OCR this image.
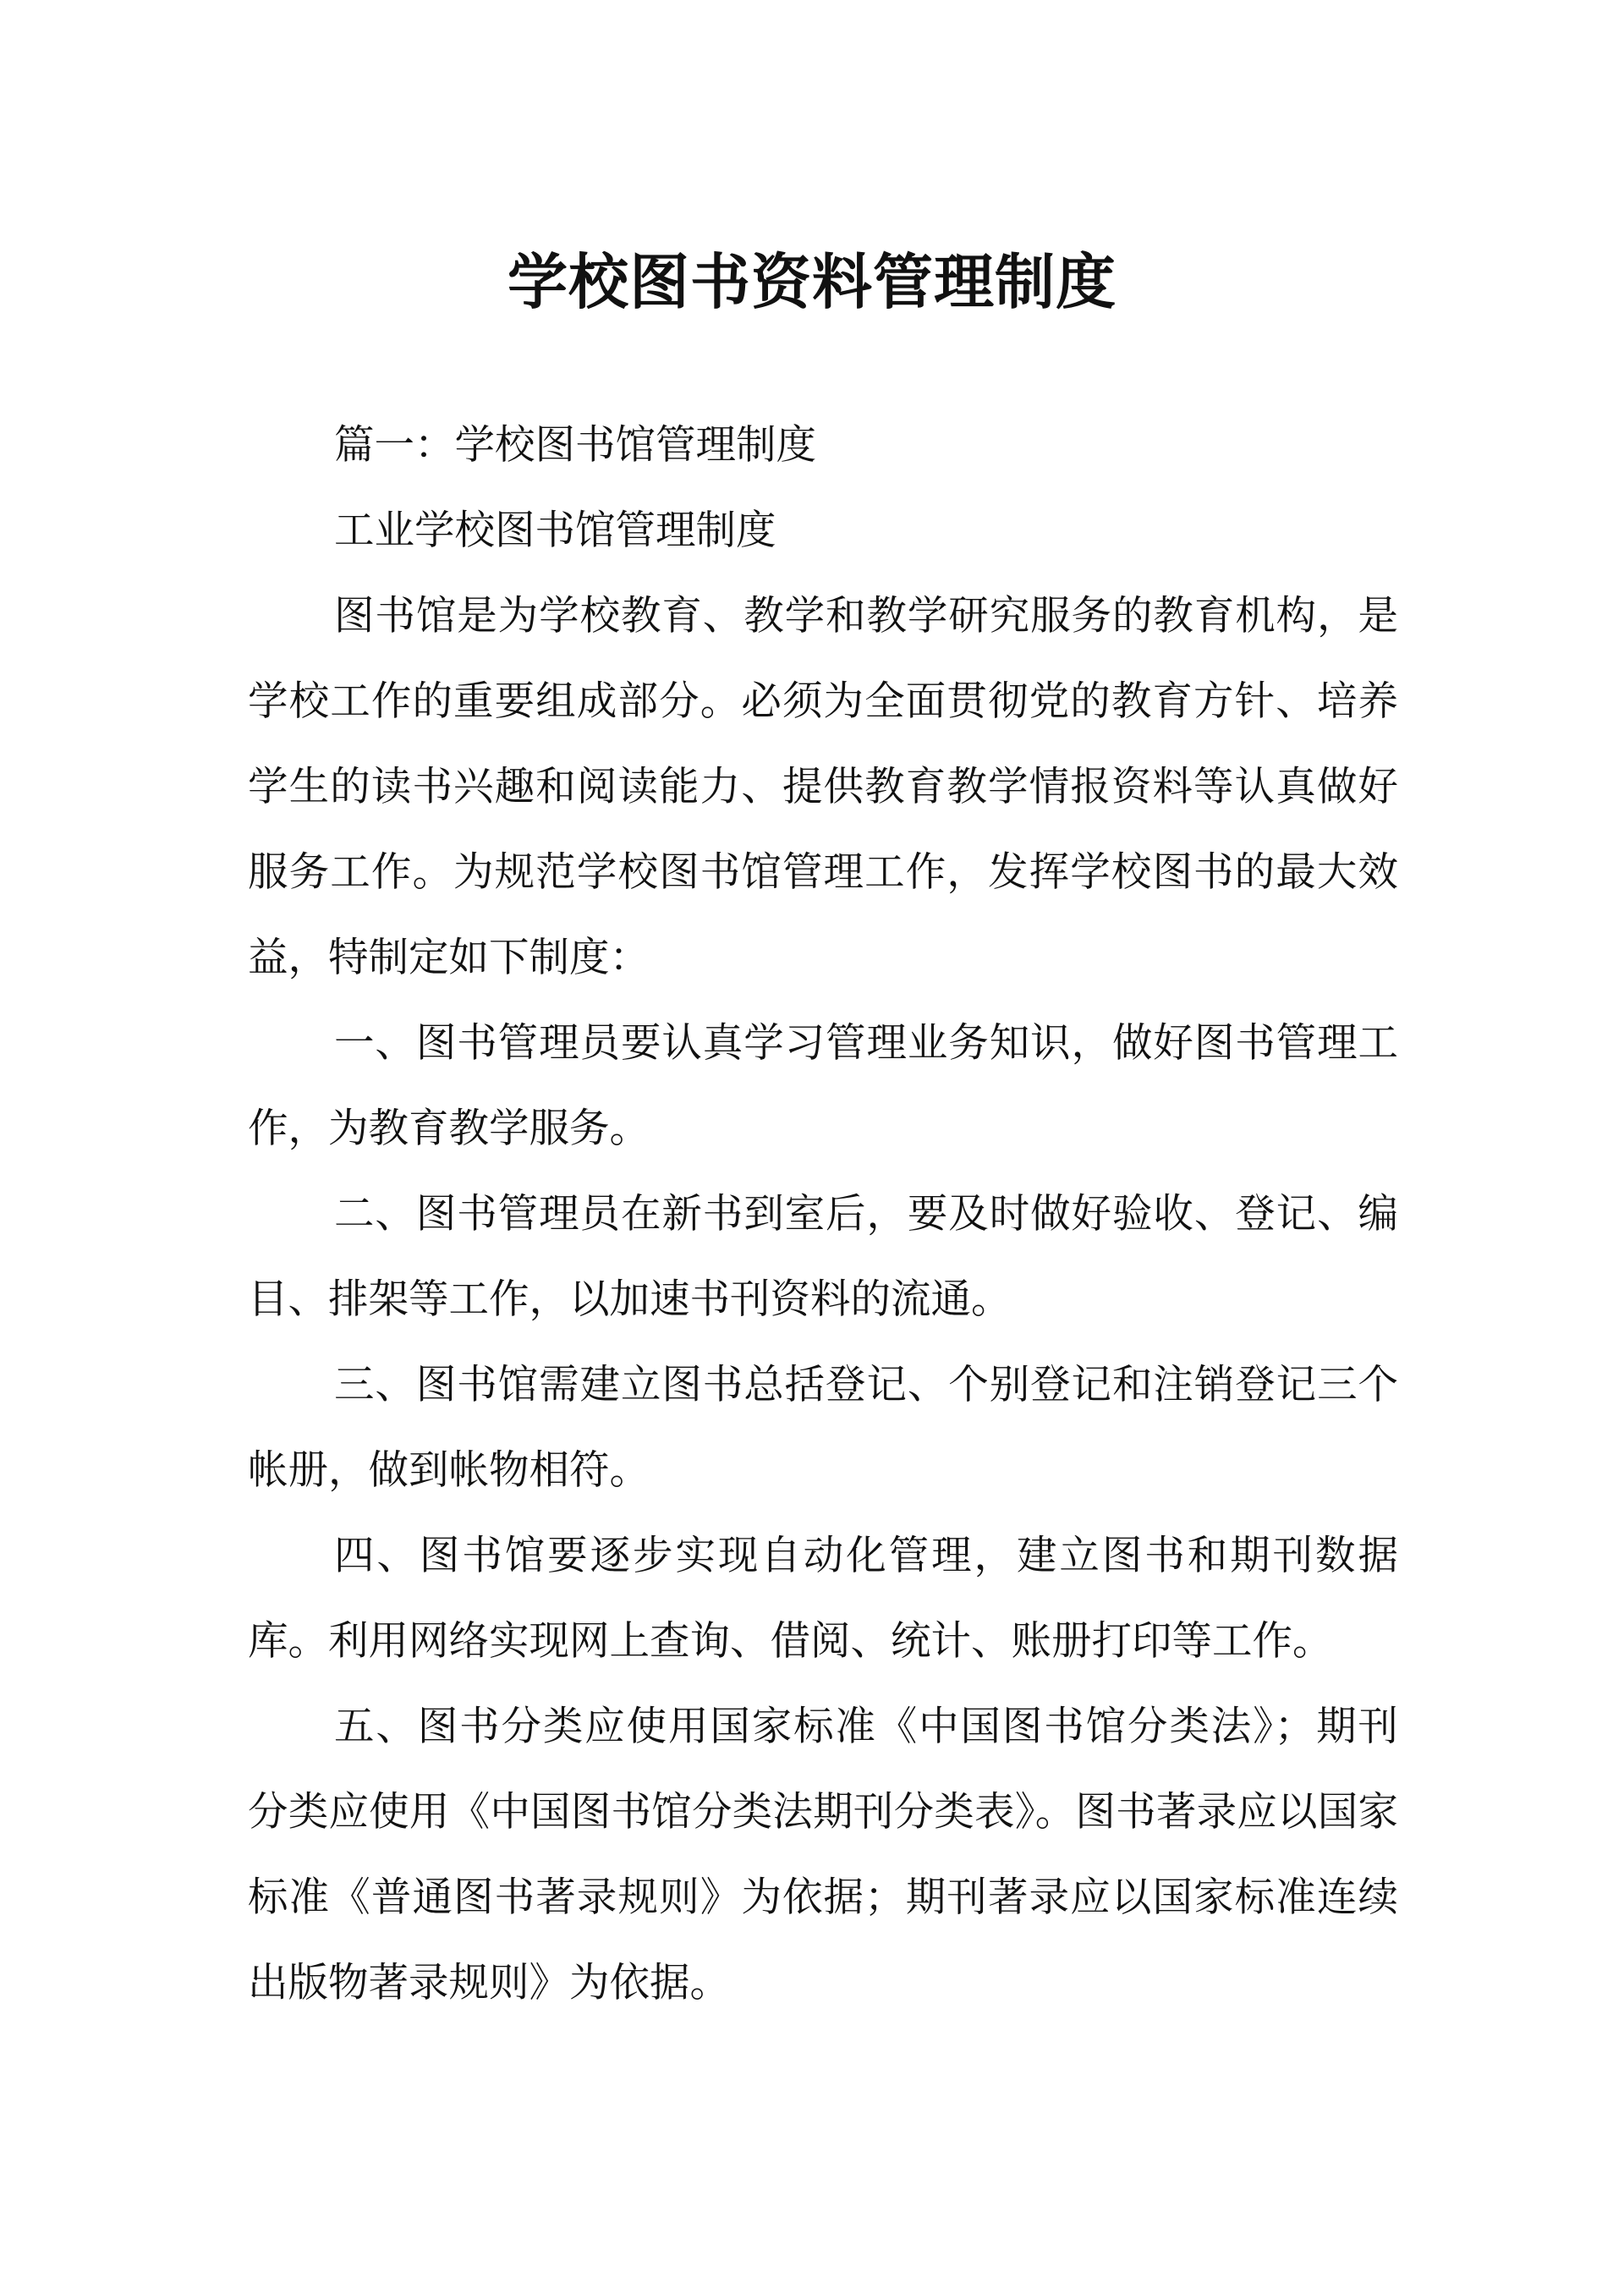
学校图书资料管理制度

篇一：学校图书馆管理制度

工业学校图书馆管理制度

图书馆是为学校教育、教学和教学研究服务的教育机构，是学校工作的重要组成部分。必须为全面贯彻党的教育方针、培养学生的读书兴趣和阅读能力、提供教育教学情报资料等认真做好服务工作。为规范学校图书馆管理工作，发挥学校图书的最大效益，特制定如下制度：

一、图书管理员要认真学习管理业务知识，做好图书管理工作，为教育教学服务。

二、图书管理员在新书到室后，要及时做好验收、登记、编目、排架等工作，以加速书刊资料的流通。

三、图书馆需建立图书总括登记、个别登记和注销登记三个帐册，做到帐物相符。

四、图书馆要逐步实现自动化管理，建立图书和期刊数据库。利用网络实现网上查询、借阅、统计、账册打印等工作。

五、图书分类应使用国家标准《中国图书馆分类法》；期刊分类应使用《中国图书馆分类法期刊分类表》。图书著录应以国家标准《普通图书著录规则》为依据；期刊著录应以国家标准连续出版物著录规则》为依据。
